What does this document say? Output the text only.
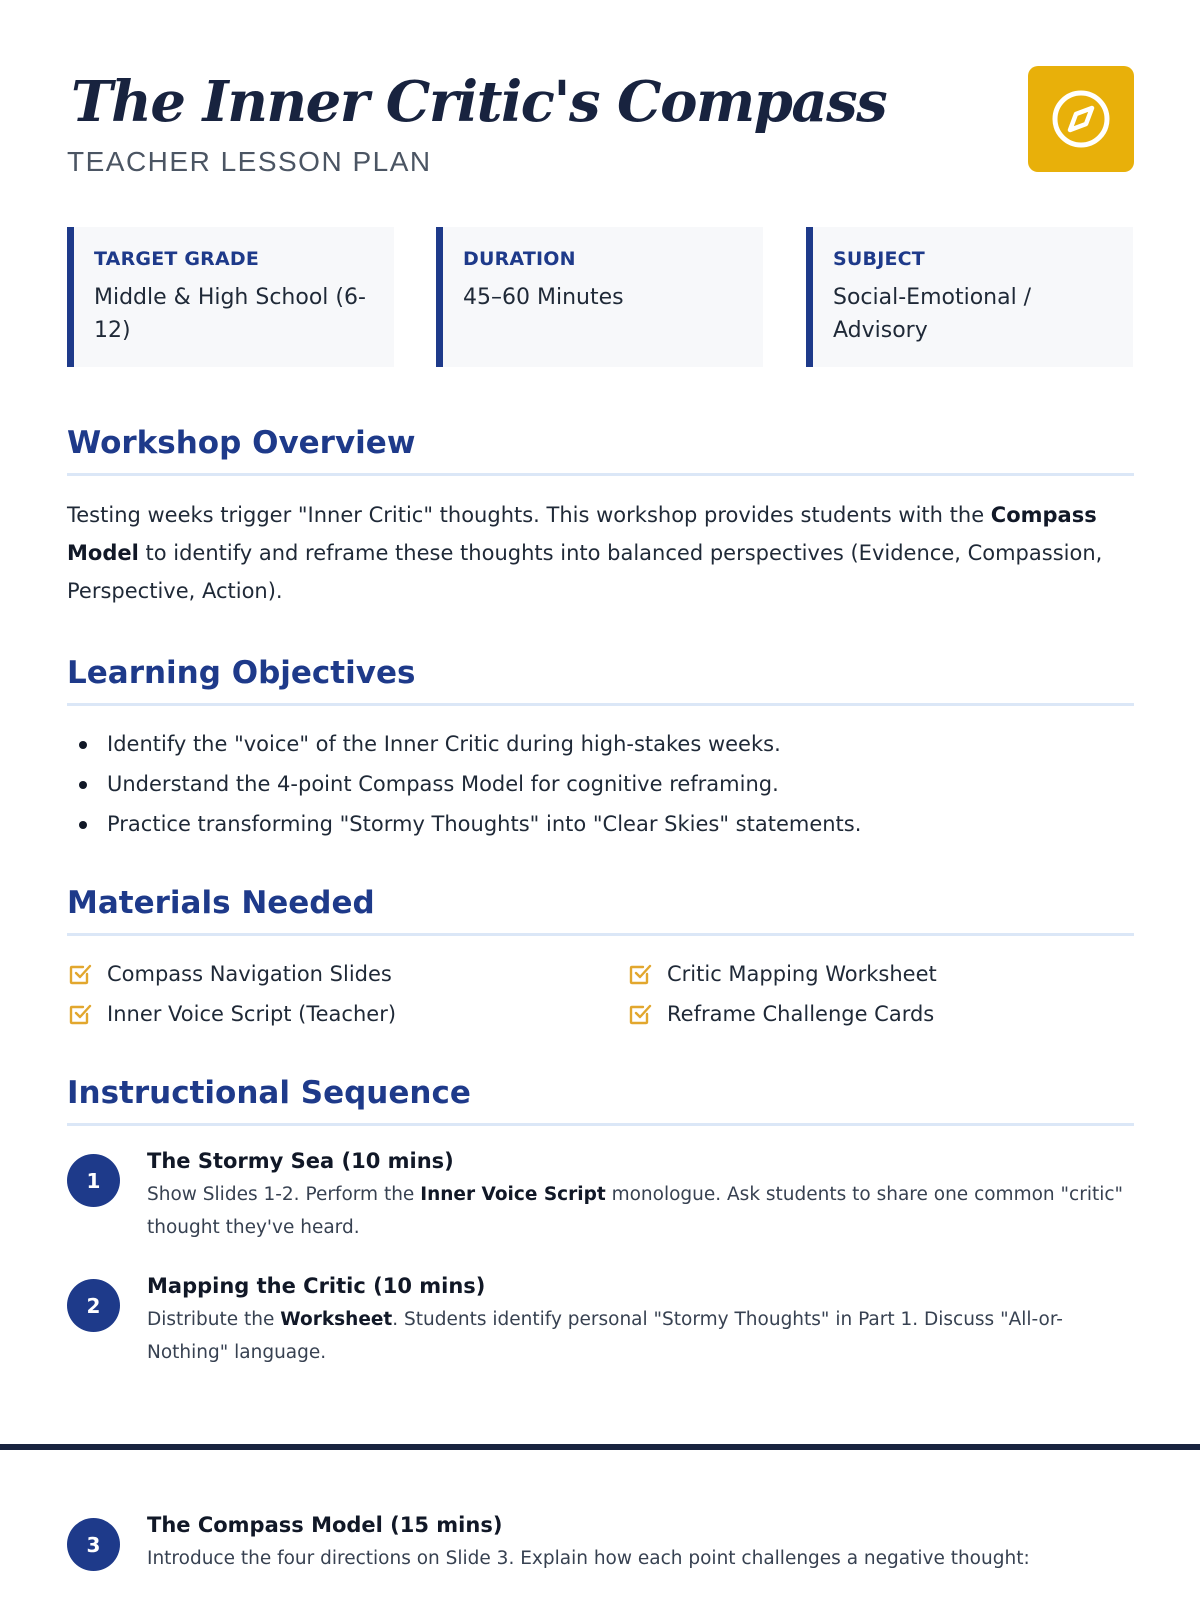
The Inner Critic's Compass
TEACHER LESSON PLAN
TARGET GRADE
Middle & High School (6-12)
DURATION
45–60 Minutes
SUBJECT
Social-Emotional / Advisory
Workshop Overview

Testing weeks trigger "Inner Critic" thoughts. This workshop provides students with the Compass Model to identify and reframe these thoughts into balanced perspectives (Evidence, Compassion, Perspective, Action).

Learning Objectives
Identify the "voice" of the Inner Critic during high-stakes weeks.
Understand the 4-point Compass Model for cognitive reframing.
Practice transforming "Stormy Thoughts" into "Clear Skies" statements.
Materials Needed
Compass Navigation Slides	Critic Mapping Worksheet
Inner Voice Script (Teacher)	Reframe Challenge Cards
Instructional Sequence
1
The Stormy Sea (10 mins)

Show Slides 1-2. Perform the Inner Voice Script monologue. Ask students to share one common "critic" thought they've heard.

2
Mapping the Critic (10 mins)

Distribute the Worksheet. Students identify personal "Stormy Thoughts" in Part 1. Discuss "All-or-Nothing" language.

3
The Compass Model (15 mins)

Introduce the four directions on Slide 3. Explain how each point challenges a negative thought:
